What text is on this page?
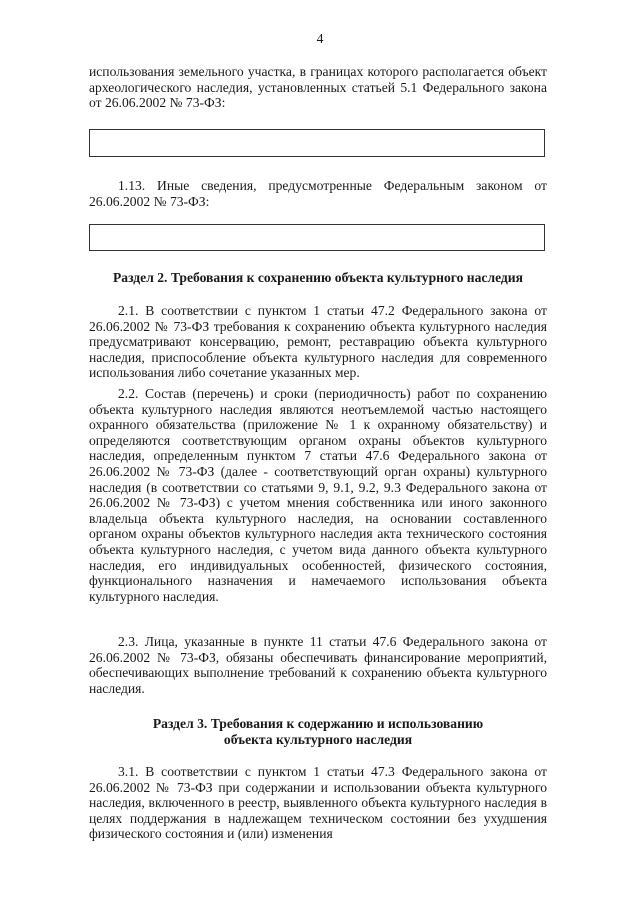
4
использования земельного участка, в границах которого располагается объект археологического наследия, установленных статьей 5.1 Федерального закона от 26.06.2002 № 73-ФЗ:
1.13. Иные сведения, предусмотренные Федеральным законом от 26.06.2002 № 73-ФЗ:
Раздел 2. Требования к сохранению объекта культурного наследия
2.1. В соответствии с пунктом 1 статьи 47.2 Федерального закона от 26.06.2002 № 73-ФЗ требования к сохранению объекта культурного наследия предусматривают консервацию, ремонт, реставрацию объекта культурного наследия, приспособление объекта культурного наследия для современного использования либо сочетание указанных мер.
2.2. Состав (перечень) и сроки (периодичность) работ по сохранению объекта культурного наследия являются неотъемлемой частью настоящего охранного обязательства (приложение № 1 к охранному обязательству) и определяются соответствующим органом охраны объектов культурного наследия, определенным пунктом 7 статьи 47.6 Федерального закона от 26.06.2002 № 73-ФЗ (далее - соответствующий орган охраны) культурного наследия (в соответствии со статьями 9, 9.1, 9.2, 9.3 Федерального закона от 26.06.2002 № 73-ФЗ) с учетом мнения собственника или иного законного владельца объекта культурного наследия, на основании составленного органом охраны объектов культурного наследия акта технического состояния объекта культурного наследия, с учетом вида данного объекта культурного наследия, его индивидуальных особенностей, физического состояния, функционального назначения и намечаемого использования объекта культурного наследия.
2.3. Лица, указанные в пункте 11 статьи 47.6 Федерального закона от 26.06.2002 № 73-ФЗ, обязаны обеспечивать финансирование мероприятий, обеспечивающих выполнение требований к сохранению объекта культурного наследия.
Раздел 3. Требования к содержанию и использованию
объекта культурного наследия
3.1. В соответствии с пунктом 1 статьи 47.3 Федерального закона от 26.06.2002 № 73-ФЗ при содержании и использовании объекта культурного наследия, включенного в реестр, выявленного объекта культурного наследия в целях поддержания в надлежащем техническом состоянии без ухудшения физического состояния и (или) изменения
